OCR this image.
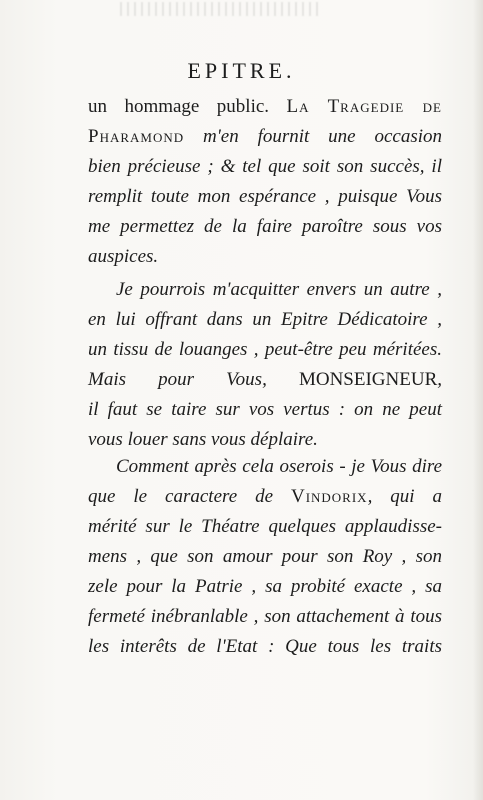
EPITRE.
un hommage public. La Tragedie de
Pharamond m'en fournit une occasion
bien précieuse ; & tel que soit son succès, il
remplit toute mon espérance , puisque Vous
me permettez de la faire paroître sous vos
auspices.
Je pourrois m'acquitter envers un autre ,
en lui offrant dans un Epitre Dédicatoire ,
un tissu de louanges , peut-être peu méritées.
Mais pour Vous, MONSEIGNEUR,
il faut se taire sur vos vertus : on ne peut
vous louer sans vous déplaire.
Comment après cela oserois - je Vous dire
que le caractere de Vindorix, qui a
mérité sur le Théatre quelques applaudisse-
mens , que son amour pour son Roy , son
zele pour la Patrie , sa probité exacte , sa
fermeté inébranlable , son attachement à tous
les interêts de l'Etat : Que tous les traits
